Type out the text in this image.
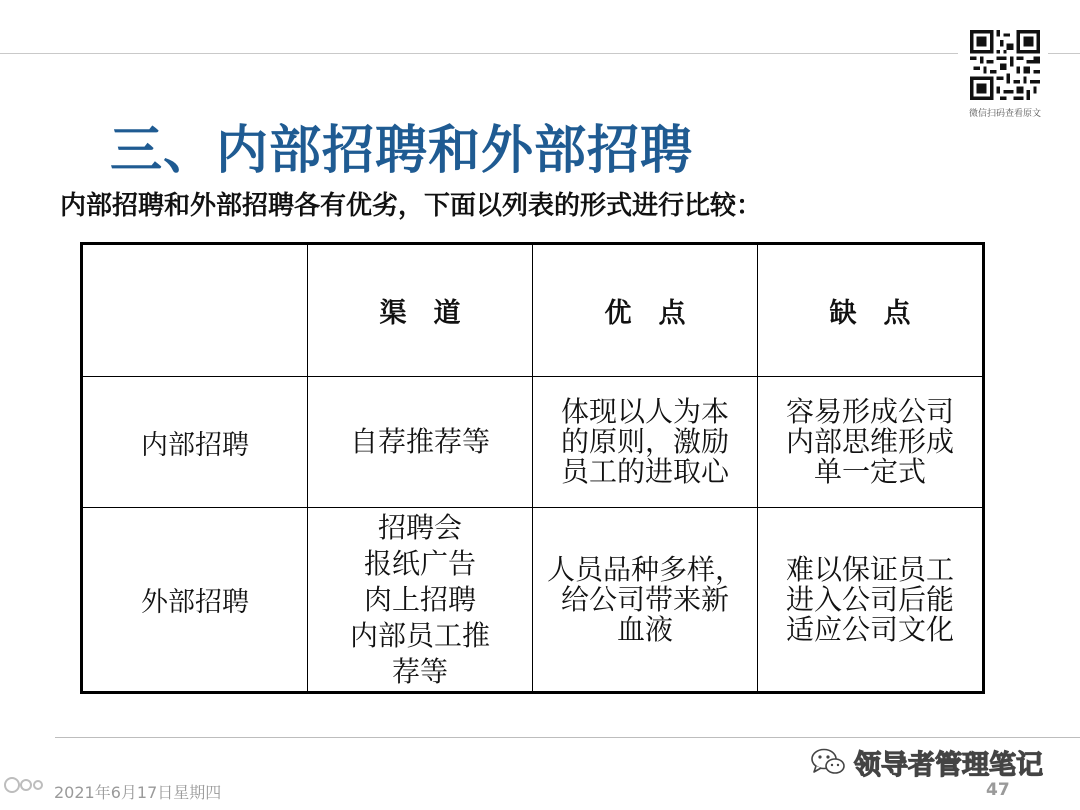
微信扫码查看原文
三、内部招聘和外部招聘
内部招聘和外部招聘各有优劣，下面以列表的形式进行比较：
	渠　道	优　点	缺　点
内部招聘	自荐推荐等	体现以人为本
的原则，激励
员工的进取心	容易形成公司
内部思维形成
单一定式

外部招聘	招聘会
报纸广告
肉上招聘
内部员工推
荐等	人员品种多样，
给公司带来新
血液	难以保证员工
进入公司后能
适应公司文化
2021年6月17日星期四	47
领导者管理笔记
